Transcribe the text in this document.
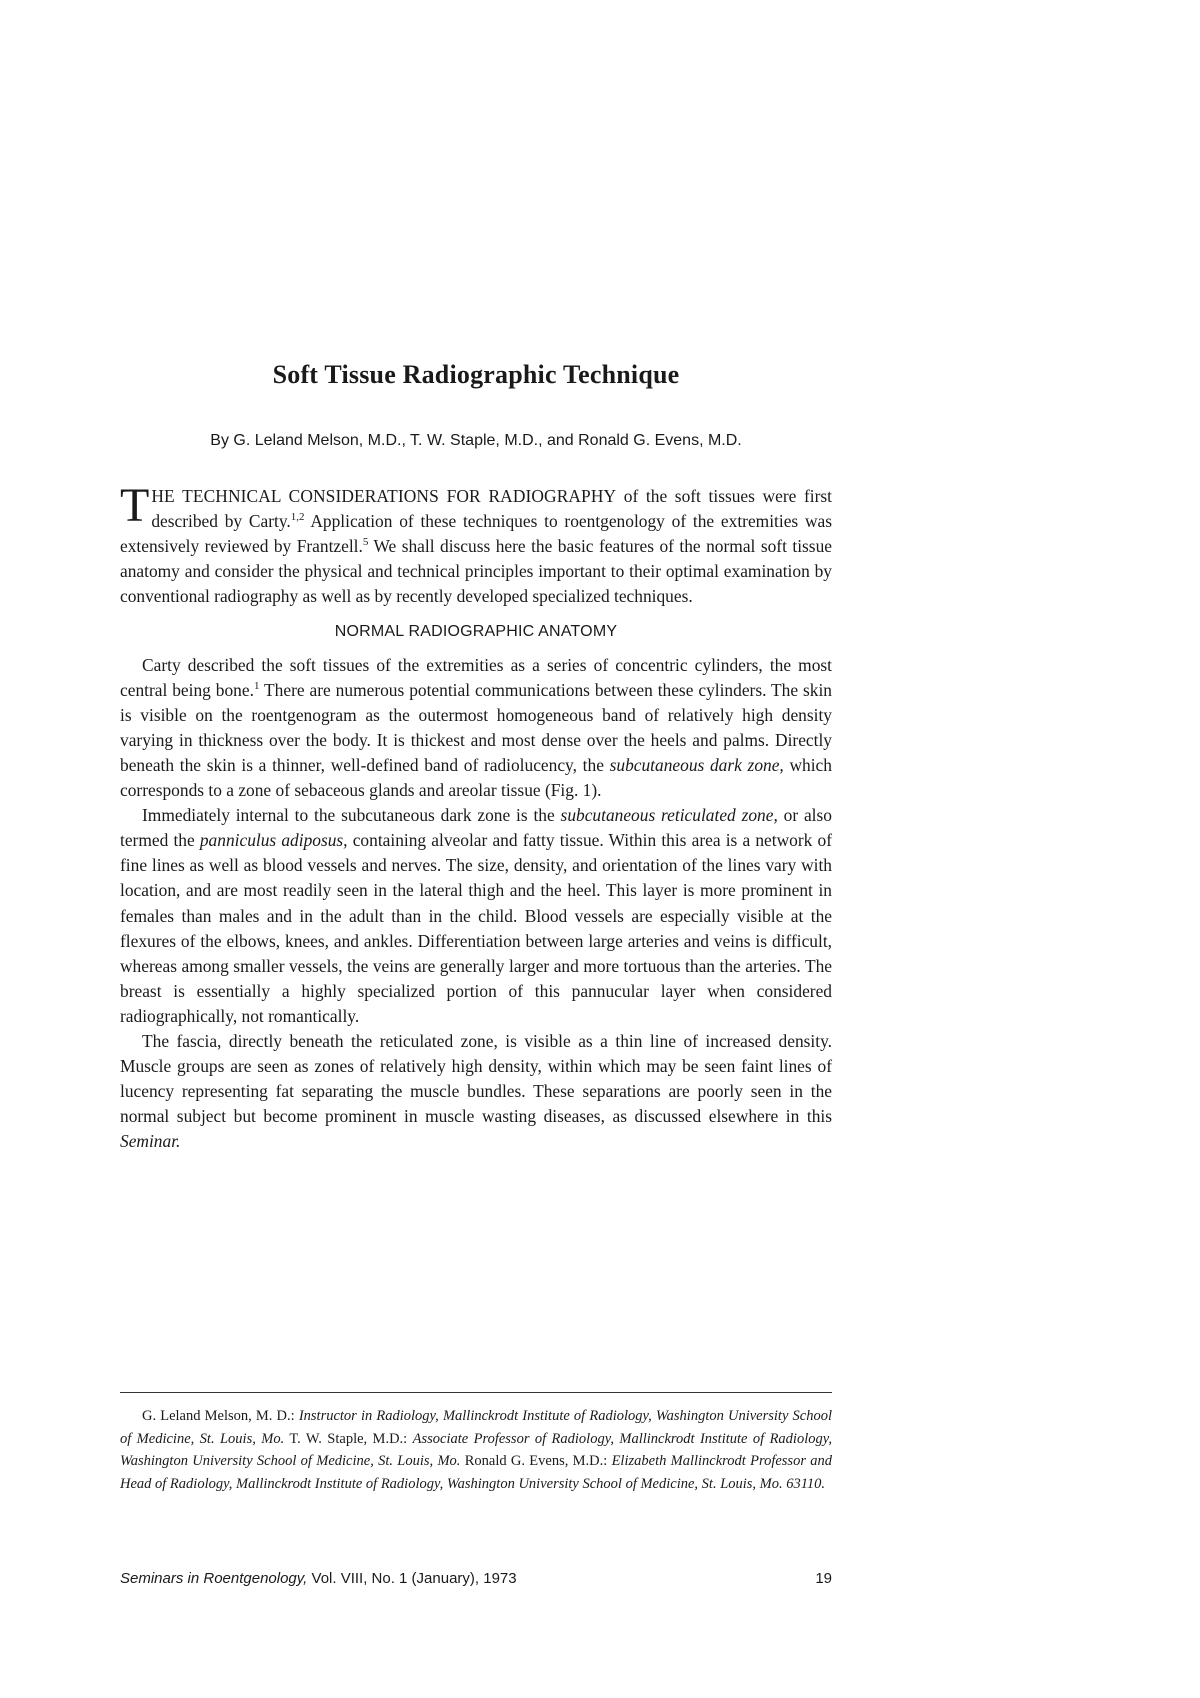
Soft Tissue Radiographic Technique
By G. Leland Melson, M.D., T. W. Staple, M.D., and Ronald G. Evens, M.D.

THE TECHNICAL CONSIDERATIONS FOR RADIOGRAPHY of the soft tissues were first described by Carty.$^{1,2}$ Application of these techniques to roentgenology of the extremities was extensively reviewed by Frantzell.$^5$ We shall discuss here the basic features of the normal soft tissue anatomy and consider the physical and technical principles important to their optimal examination by conventional radiography as well as by recently developed specialized techniques.

NORMAL RADIOGRAPHIC ANATOMY

Carty described the soft tissues of the extremities as a series of concentric cylinders, the most central being bone.$^1$ There are numerous potential communications between these cylinders. The skin is visible on the roentgenogram as the outermost homogeneous band of relatively high density varying in thickness over the body. It is thickest and most dense over the heels and palms. Directly beneath the skin is a thinner, well-defined band of radiolucency, the subcutaneous dark zone, which corresponds to a zone of sebaceous glands and areolar tissue (Fig. 1).

Immediately internal to the subcutaneous dark zone is the subcutaneous reticulated zone, or also termed the panniculus adiposus, containing alveolar and fatty tissue. Within this area is a network of fine lines as well as blood vessels and nerves. The size, density, and orientation of the lines vary with location, and are most readily seen in the lateral thigh and the heel. This layer is more prominent in females than males and in the adult than in the child. Blood vessels are especially visible at the flexures of the elbows, knees, and ankles. Differentiation between large arteries and veins is difficult, whereas among smaller vessels, the veins are generally larger and more tortuous than the arteries. The breast is essentially a highly specialized portion of this pannucular layer when considered radiographically, not romantically.

The fascia, directly beneath the reticulated zone, is visible as a thin line of increased density. Muscle groups are seen as zones of relatively high density, within which may be seen faint lines of lucency representing fat separating the muscle bundles. These separations are poorly seen in the normal subject but become prominent in muscle wasting diseases, as discussed elsewhere in this Seminar.

G. Leland Melson, M. D.: Instructor in Radiology, Mallinckrodt Institute of Radiology, Washington University School of Medicine, St. Louis, Mo. T. W. Staple, M.D.: Associate Professor of Radiology, Mallinckrodt Institute of Radiology, Washington University School of Medicine, St. Louis, Mo. Ronald G. Evens, M.D.: Elizabeth Mallinckrodt Professor and Head of Radiology, Mallinckrodt Institute of Radiology, Washington University School of Medicine, St. Louis, Mo. 63110.

Seminars in Roentgenology, Vol. VIII, No. 1 (January), 1973	19
